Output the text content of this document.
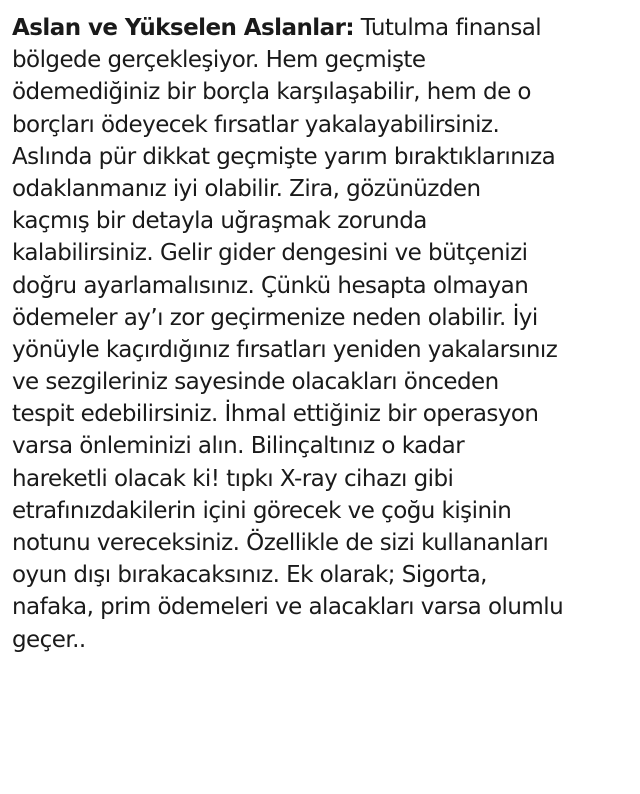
Aslan ve Yükselen Aslanlar: Tutulma finansal
bölgede gerçekleşiyor. Hem geçmişte
ödemediğiniz bir borçla karşılaşabilir, hem de o
borçları ödeyecek fırsatlar yakalayabilirsiniz.
Aslında pür dikkat geçmişte yarım bıraktıklarınıza
odaklanmanız iyi olabilir. Zira, gözünüzden
kaçmış bir detayla uğraşmak zorunda
kalabilirsiniz. Gelir gider dengesini ve bütçenizi
doğru ayarlamalısınız. Çünkü hesapta olmayan
ödemeler ay’ı zor geçirmenize neden olabilir. İyi
yönüyle kaçırdığınız fırsatları yeniden yakalarsınız
ve sezgileriniz sayesinde olacakları önceden
tespit edebilirsiniz. İhmal ettiğiniz bir operasyon
varsa önleminizi alın. Bilinçaltınız o kadar
hareketli olacak ki! tıpkı X-ray cihazı gibi
etrafınızdakilerin içini görecek ve çoğu kişinin
notunu vereceksiniz. Özellikle de sizi kullananları
oyun dışı bırakacaksınız. Ek olarak; Sigorta,
nafaka, prim ödemeleri ve alacakları varsa olumlu
geçer..
